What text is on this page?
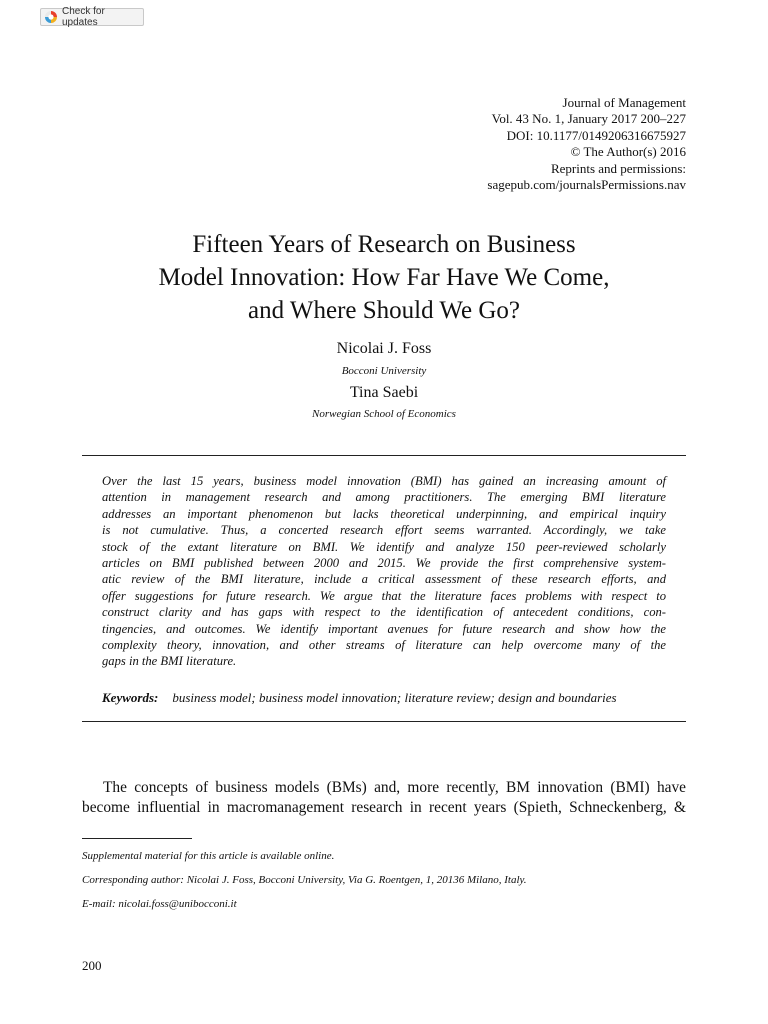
Check for updates
Journal of Management
Vol. 43 No. 1, January 2017 200–227
DOI: 10.1177/0149206316675927
© The Author(s) 2016
Reprints and permissions:
sagepub.com/journalsPermissions.nav
Fifteen Years of Research on Business
Model Innovation: How Far Have We Come,
and Where Should We Go?
Nicolai J. Foss
Bocconi University
Tina Saebi
Norwegian School of Economics

Over the last 15 years, business model innovation (BMI) has gained an increasing amount of
attention in management research and among practitioners. The emerging BMI literature
addresses an important phenomenon but lacks theoretical underpinning, and empirical inquiry
is not cumulative. Thus, a concerted research effort seems warranted. Accordingly, we take
stock of the extant literature on BMI. We identify and analyze 150 peer-reviewed scholarly
articles on BMI published between 2000 and 2015. We provide the first comprehensive system-
atic review of the BMI literature, include a critical assessment of these research efforts, and
offer suggestions for future research. We argue that the literature faces problems with respect to
construct clarity and has gaps with respect to the identification of antecedent conditions, con-
tingencies, and outcomes. We identify important avenues for future research and show how the
complexity theory, innovation, and other streams of literature can help overcome many of the
gaps in the BMI literature.

Keywords: business model; business model innovation; literature review; design and boundaries

The concepts of business models (BMs) and, more recently, BM innovation (BMI) have
become influential in macromanagement research in recent years (Spieth, Schneckenberg, &

Supplemental material for this article is available online.
Corresponding author: Nicolai J. Foss, Bocconi University, Via G. Roentgen, 1, 20136 Milano, Italy.
E-mail: nicolai.foss@unibocconi.it
200
